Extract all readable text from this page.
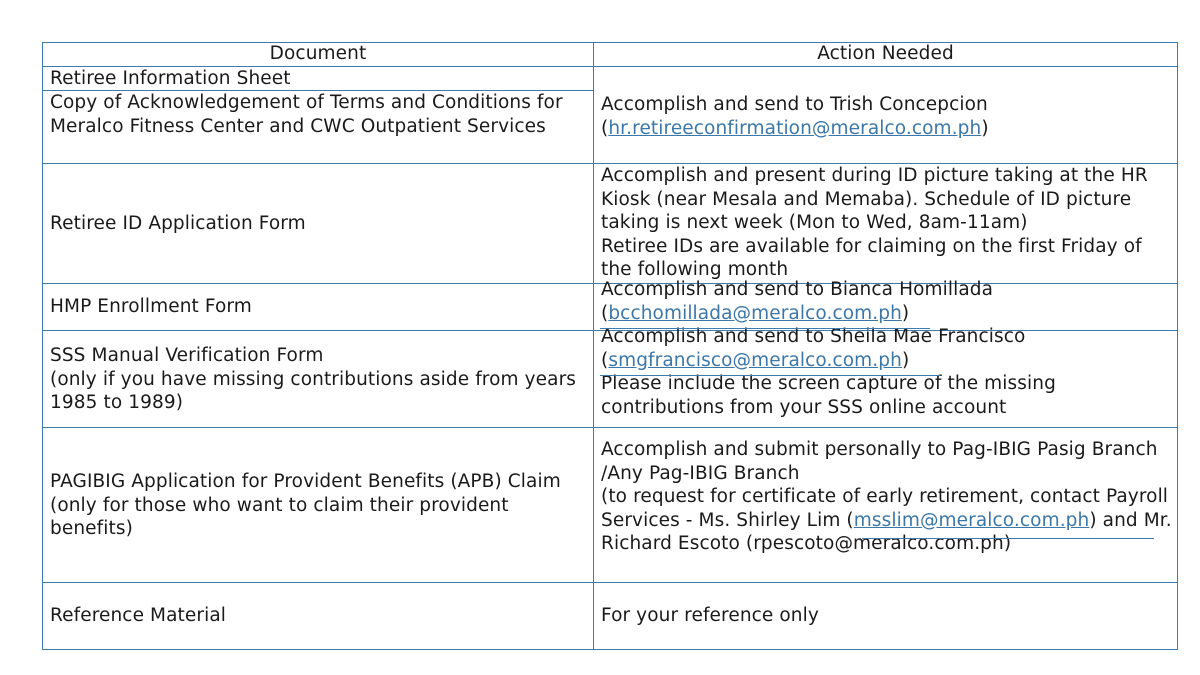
Document	Action Needed
Retiree Information Sheet
Copy of Acknowledgement of Terms and Conditions for Meralco Fitness Center and CWC Outpatient Services
Accomplish and send to Trish Concepcion
(hr.retireeconfirmation@meralco.com.ph)
Retiree ID Application Form
Accomplish and present during ID picture taking at the HR Kiosk (near Mesala and Memaba). Schedule of ID picture taking is next week (Mon to Wed, 8am-11am)
Retiree IDs are available for claiming on the first Friday of the following month
HMP Enrollment Form
Accomplish and send to Bianca Homillada
(bcchomillada@meralco.com.ph)
SSS Manual Verification Form
(only if you have missing contributions aside from years 1985 to 1989)
Accomplish and send to Sheila Mae Francisco
(smgfrancisco@meralco.com.ph)
Please include the screen capture of the missing contributions from your SSS online account
PAGIBIG Application for Provident Benefits (APB) Claim
(only for those who want to claim their provident benefits)
Accomplish and submit personally to Pag-IBIG Pasig Branch /Any Pag-IBIG Branch
(to request for certificate of early retirement, contact Payroll Services - Ms. Shirley Lim (msslim@meralco.com.ph) and Mr. Richard Escoto (rpescoto@meralco.com.ph)
Reference Material	For your reference only
